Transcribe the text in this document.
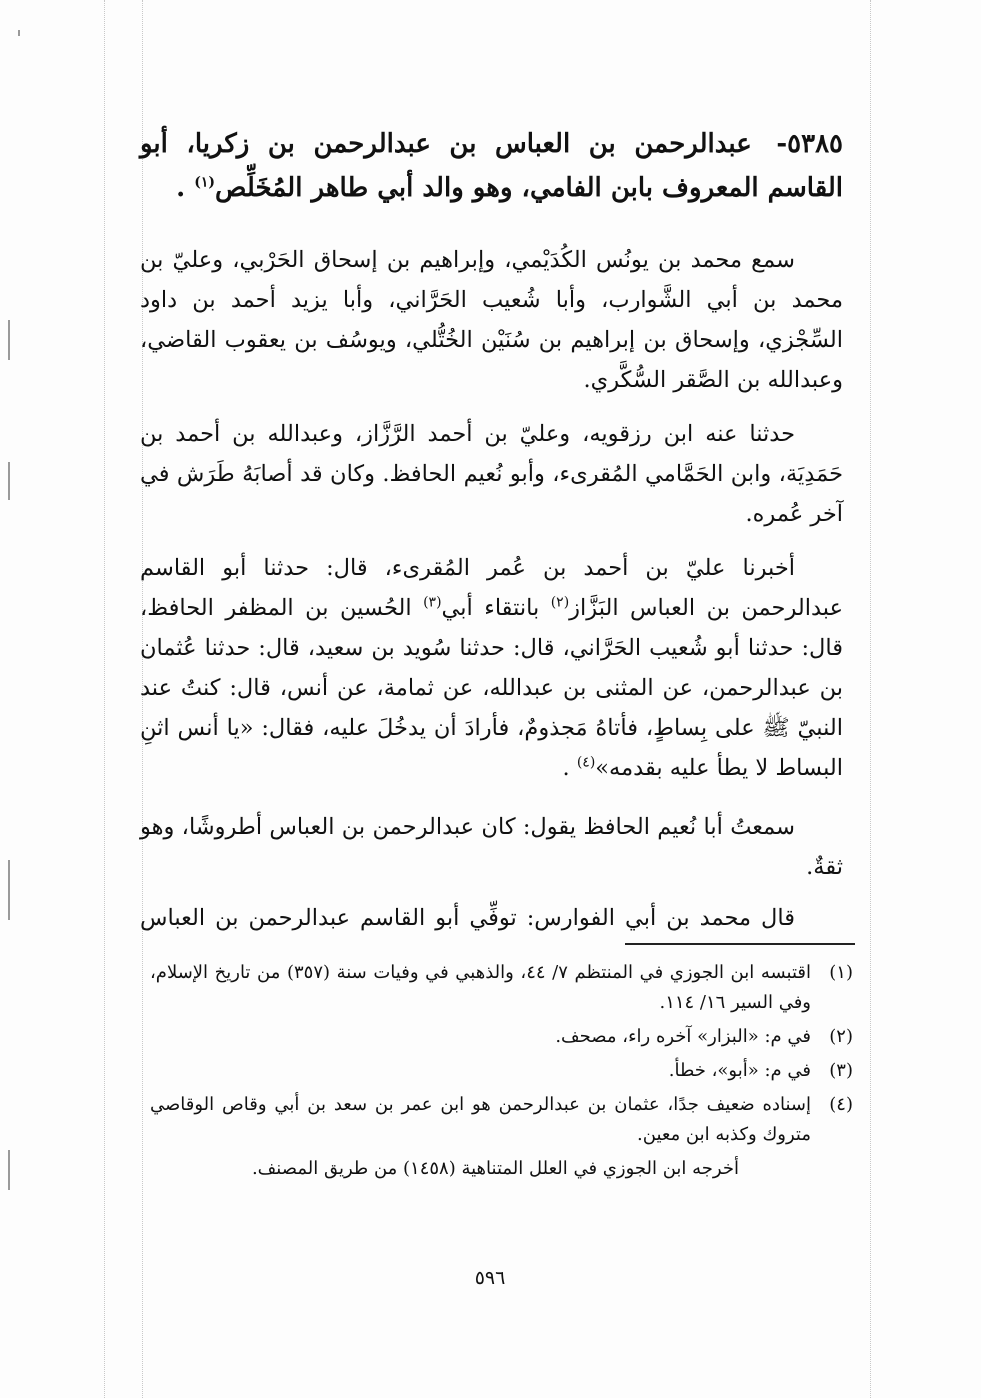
٥٣٨٥- عبدالرحمن بن العباس بن عبدالرحمن بن زكريا، أبو القاسم المعروف بابن الفامي، وهو والد أبي طاهر المُخَلِّص$^{(١)}$ .

سمع محمد بن يونُس الكُدَيْمي، وإبراهيم بن إسحاق الحَرْبي، وعليّ بن محمد بن أبي الشَّوارب، وأبا شُعيب الحَرَّاني، وأبا يزيد أحمد بن داود السِّجْزي، وإسحاق بن إبراهيم بن سُنَيْن الخُتُّلي، ويوسُف بن يعقوب القاضي، وعبدالله بن الصَّقر السُّكَّري.

حدثنا عنه ابن رزقويه، وعليّ بن أحمد الرَّزَّاز، وعبدالله بن أحمد بن حَمَدِيَة، وابن الحَمَّامي المُقرىء، وأبو نُعيم الحافظ. وكان قد أصابَهُ طَرَش في آخر عُمره.

أخبرنا عليّ بن أحمد بن عُمر المُقرىء، قال: حدثنا أبو القاسم عبدالرحمن بن العباس البَزَّاز$^{(٢)}$ بانتقاء أبي$^{(٣)}$ الحُسين بن المظفر الحافظ، قال: حدثنا أبو شُعيب الحَرَّاني، قال: حدثنا سُويد بن سعيد، قال: حدثنا عُثمان بن عبدالرحمن، عن المثنى بن عبدالله، عن ثمامة، عن أنس، قال: كنتُ عند النبيّ ﷺ على بِساطٍ، فأتاهُ مَجذومٌ، فأرادَ أن يدخُلَ عليه، فقال: «يا أنس اثنِ البساط لا يطأ عليه بقدمه»$^{(٤)}$ .

سمعتُ أبا نُعيم الحافظ يقول: كان عبدالرحمن بن العباس أطروشًا، وهو ثقةٌ.

قال محمد بن أبي الفوارس: توفِّي أبو القاسم عبدالرحمن بن العباس

(١)
اقتبسه ابن الجوزي في المنتظم ٧/ ٤٤، والذهبي في وفيات سنة (٣٥٧) من تاريخ الإسلام، وفي السير ١٦/ ١١٤.
(٢)
في م: «البزار» آخره راء، مصحف.
(٣)
في م: «أبو»، خطأ.
(٤)
إسناده ضعيف جدًا، عثمان بن عبدالرحمن هو ابن عمر بن سعد بن أبي وقاص الوقاصي متروك وكذبه ابن معين.
أخرجه ابن الجوزي في العلل المتناهية (١٤٥٨) من طريق المصنف.
٥٩٦
